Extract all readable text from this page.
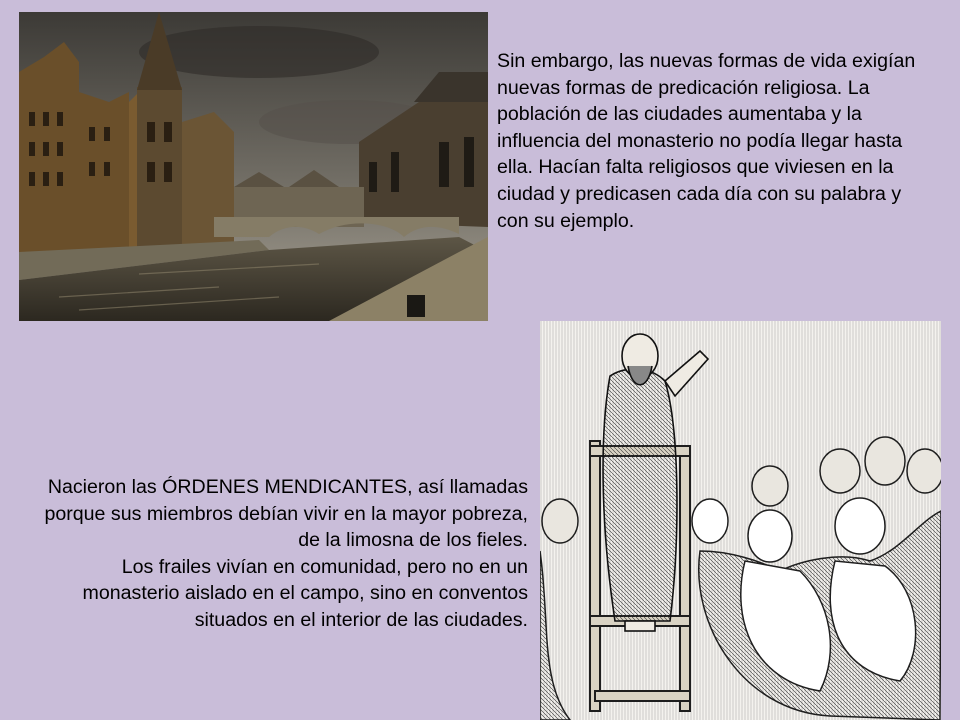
Sin embargo, las nuevas formas de vida exigían nuevas formas de predicación religiosa. La población de las ciudades aumentaba y la influencia del monasterio no podía llegar hasta ella. Hacían falta religiosos que viviesen en la ciudad y predicasen cada día con su palabra y con su ejemplo.

Nacieron las ÓRDENES MENDICANTES, así llamadas porque sus miembros debían vivir en la mayor pobreza, de la limosna de los fieles.

Los frailes vivían en comunidad, pero no en un monasterio aislado en el campo, sino en conventos situados en el interior de las ciudades.
